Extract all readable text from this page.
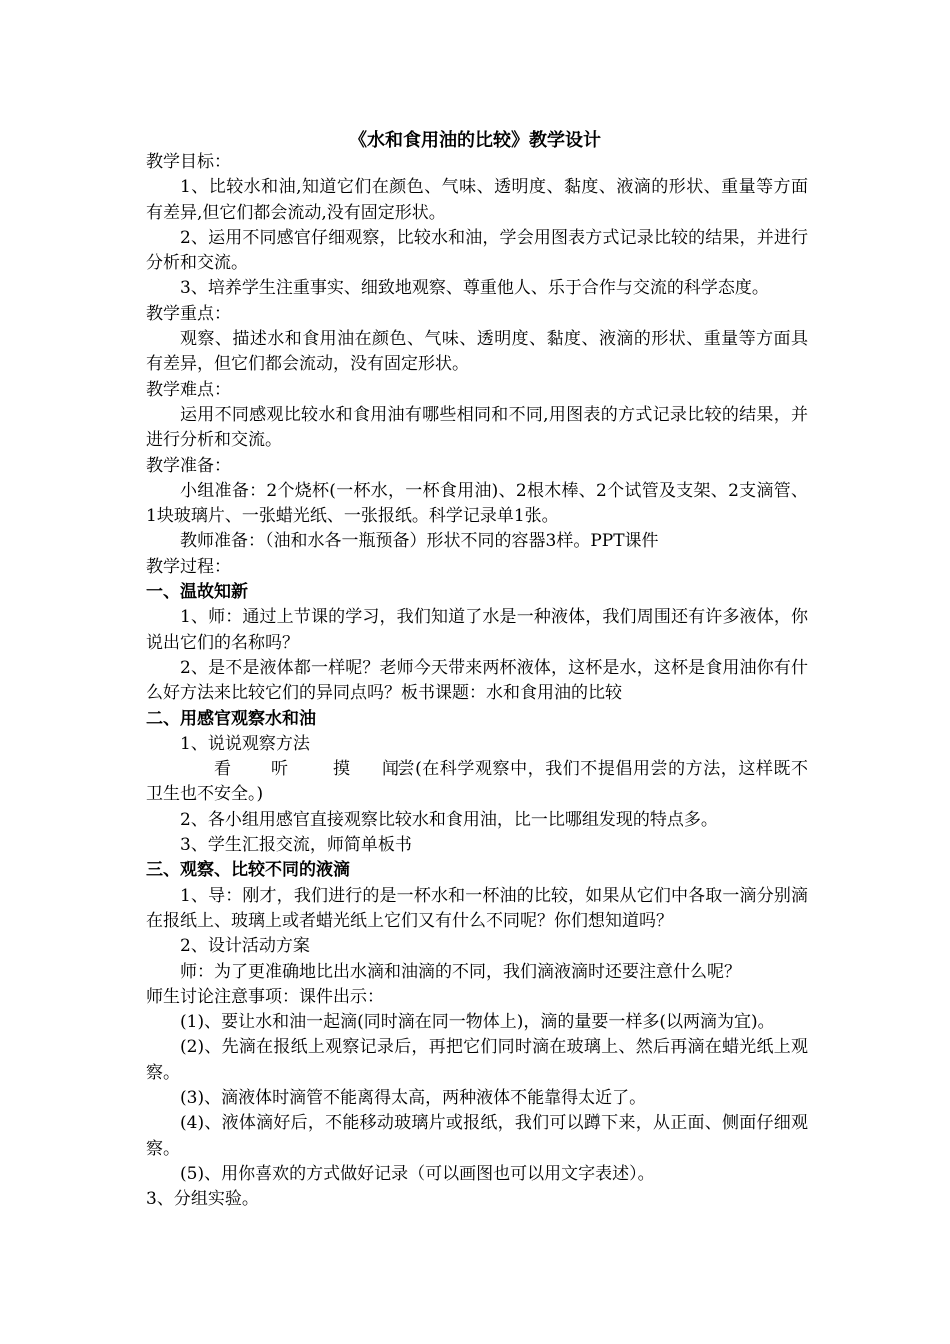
《水和食用油的比较》教学设计

教学目标：

1、比较水和油,知道它们在颜色、气味、透明度、黏度、液滴的形状、重量等方面有差异,但它们都会流动,没有固定形状。

2、运用不同感官仔细观察，比较水和油，学会用图表方式记录比较的结果，并进行分析和交流。

3、培养学生注重事实、细致地观察、尊重他人、乐于合作与交流的科学态度。

教学重点：

观察、描述水和食用油在颜色、气味、透明度、黏度、液滴的形状、重量等方面具有差异，但它们都会流动，没有固定形状。

教学难点：

运用不同感观比较水和食用油有哪些相同和不同,用图表的方式记录比较的结果，并进行分析和交流。

教学准备：

小组准备：2个烧杯(一杯水，一杯食用油)、2根木棒、2个试管及支架、2支滴管、1块玻璃片、一张蜡光纸、一张报纸。科学记录单1张。

教师准备：（油和水各一瓶预备）形状不同的容器3样。PPT课件

教学过程：

一、温故知新

1、师：通过上节课的学习，我们知道了水是一种液体，我们周围还有许多液体，你说出它们的名称吗？

2、是不是液体都一样呢？老师今天带来两杯液体，这杯是水，这杯是食用油你有什么好方法来比较它们的异同点吗？板书课题：水和食用油的比较

二、用感官观察水和油

1、说说观察方法

看 听	摸 闻尝(在科学观察中，我们不提倡用尝的方法，这样既不卫生也不安全。)

2、各小组用感官直接观察比较水和食用油，比一比哪组发现的特点多。

3、学生汇报交流，师简单板书

三、观察、比较不同的液滴

1、导：刚才，我们进行的是一杯水和一杯油的比较，如果从它们中各取一滴分别滴在报纸上、玻璃上或者蜡光纸上它们又有什么不同呢？你们想知道吗？

2、设计活动方案

师：为了更准确地比出水滴和油滴的不同，我们滴液滴时还要注意什么呢？

师生讨论注意事项：课件出示：

(1)、要让水和油一起滴(同时滴在同一物体上)，滴的量要一样多(以两滴为宜)。

(2)、先滴在报纸上观察记录后，再把它们同时滴在玻璃上、然后再滴在蜡光纸上观察。

(3)、滴液体时滴管不能离得太高，两种液体不能靠得太近了。

(4)、液体滴好后，不能移动玻璃片或报纸，我们可以蹲下来，从正面、侧面仔细观察。

(5)、用你喜欢的方式做好记录（可以画图也可以用文字表述）。

3、分组实验。
